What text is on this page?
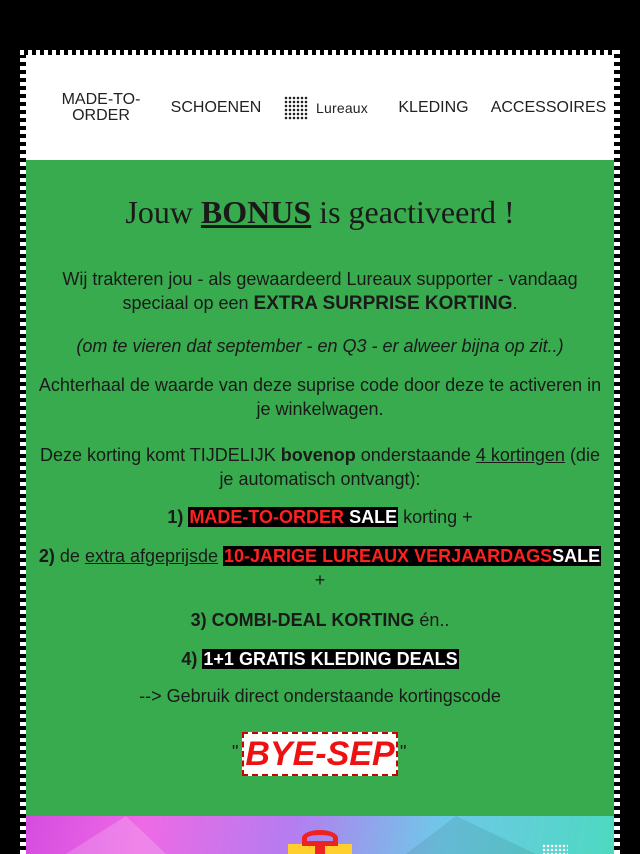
MADE-TO-ORDER	SCHOENEN	Lureaux	KLEDING	ACCESSOIRES
Jouw BONUS is geactiveerd !
Wij trakteren jou - als gewaardeerd Lureaux supporter - vandaag speciaal op een EXTRA SURPRISE KORTING.
(om te vieren dat september - en Q3 - er alweer bijna op zit..)
Achterhaal de waarde van deze suprise code door deze te activeren in je winkelwagen.
Deze korting komt TIJDELIJK bovenop onderstaande 4 kortingen (die je automatisch ontvangt):
1) MADE-TO-ORDER SALE korting +
2) de extra afgeprijsde 10-JARIGE LUREAUX VERJAARDAGSSALE
+
3) COMBI-DEAL KORTING én..
4) 1+1 GRATIS KLEDING DEALS
--> Gebruik direct onderstaande kortingscode
" BYE-SEP "
